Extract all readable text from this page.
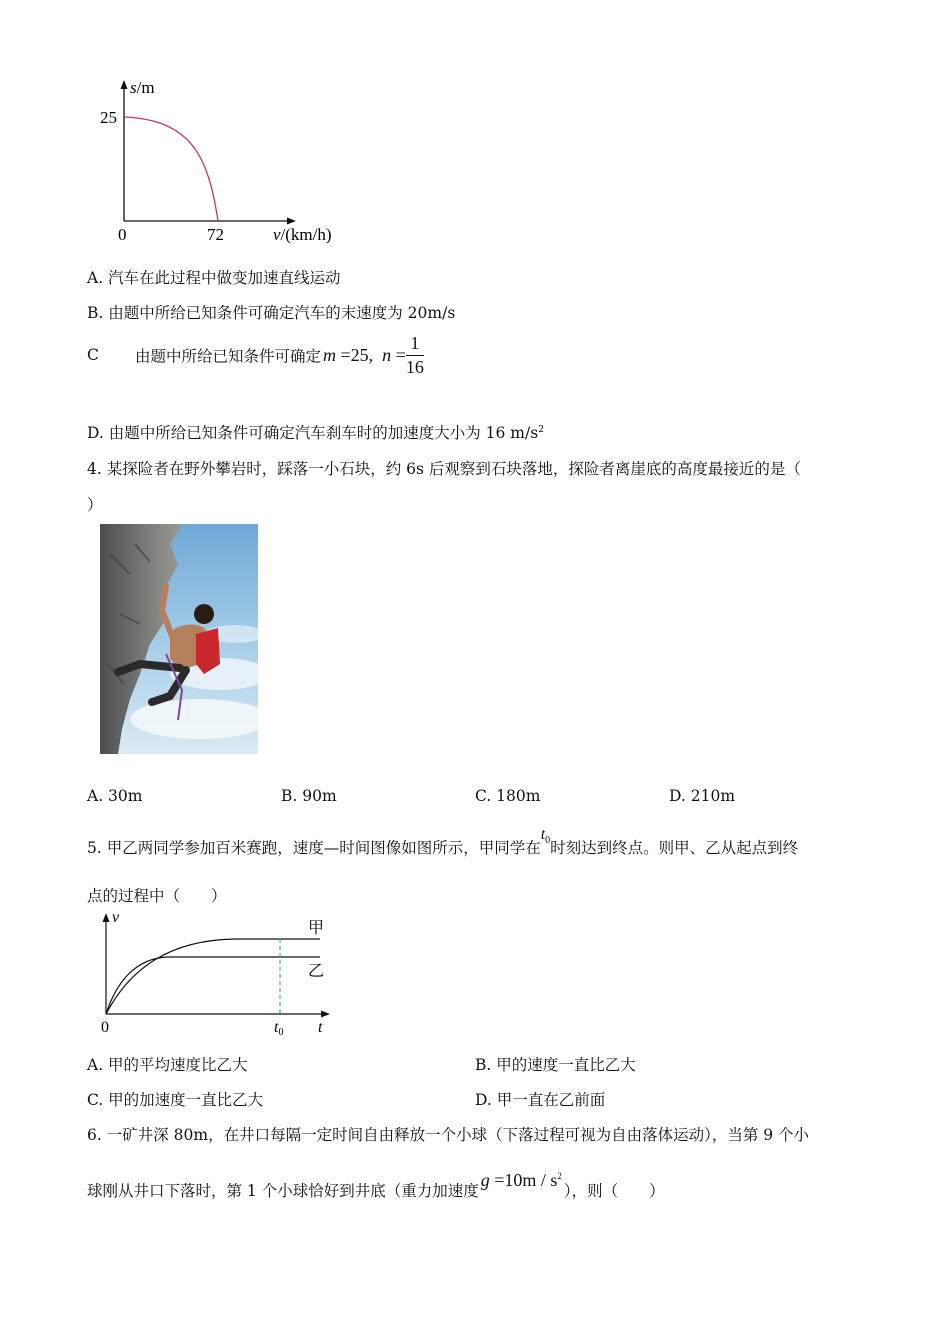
s/m
25
0	72	v/(km/h)
A. 汽车在此过程中做变加速直线运动
B. 由题中所给已知条件可确定汽车的末速度为 20m/s
C 由题中所给已知条件可确定 m =25, $n = \frac{1}{16}$
D. 由题中所给已知条件可确定汽车刹车时的加速度大小为 16 $m/s^2$
4. 某探险者在野外攀岩时，踩落一小石块，约 6s 后观察到石块落地，探险者离崖底的高度最接近的是（
）
A. 30m	B. 90m	C. 180m	D. 210m
5. 甲乙两同学参加百米赛跑，速度—时间图像如图所示，甲同学在$t_0$时刻达到终点。则甲、乙从起点到终
点的过程中（　　）
v
0	t0 t
甲
乙
A. 甲的平均速度比乙大	B. 甲的速度一直比乙大
C. 甲的加速度一直比乙大	D. 甲一直在乙前面
6. 一矿井深 80m，在井口每隔一定时间自由释放一个小球（下落过程可视为自由落体运动），当第 9 个小
球刚从井口下落时，第 1 个小球恰好到井底（重力加速度$g =10m / s^2$），则（　　）
